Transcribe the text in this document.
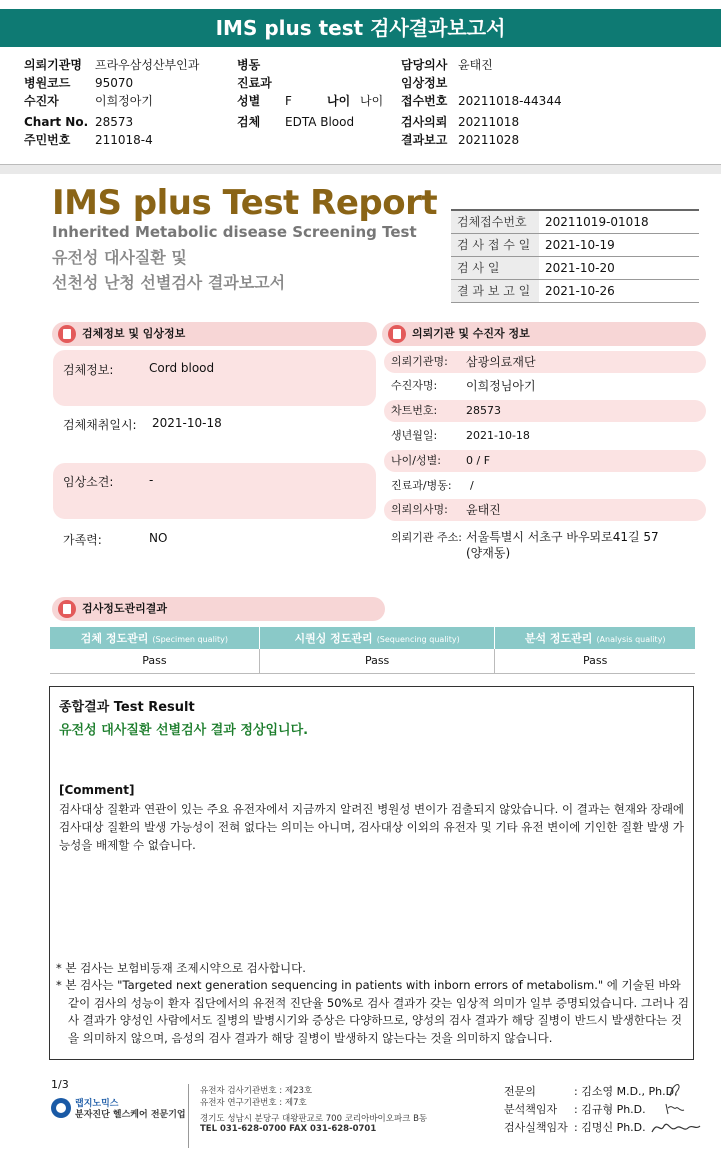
IMS plus test 검사결과보고서
의뢰기관명 프라우삼성산부인과	병동	담당의사 윤태진
병원코드 95070	진료과	임상정보
수진자	이희정아기	성별 F	나이 나이 접수번호 20211018-44344
Chart No. 28573	검체 EDTA Blood	검사의뢰 20211018
주민번호 211018-4	결과보고 20211028
IMS plus Test Report
Inherited Metabolic disease Screening Test
유전성 대사질환 및
선천성 난청 선별검사 결과보고서
검체접수번호	20211019-01018
검 사 접 수 일	2021-10-19
검 사 일	2021-10-20
결 과 보 고 일	2021-10-26
검체정보 및 임상정보
검체정보:	Cord blood
검체채취일시: 2021-10-18
임상소견:	-
가족력:	NO
의뢰기관 및 수진자 정보
의뢰기관명: 삼광의료재단
수진자명: 이희정님아기
차트번호:	28573
생년월일:	2021-10-18
나이/성별: 0 / F
진료과/병동: /
의뢰의사명: 윤태진
의뢰기관 주소: 서울특별시 서초구 바우뫼로41길 57
(양재동)
검사정도관리결과
검체 정도관리 (Specimen quality)	시퀀싱 정도관리 (Sequencing quality)	분석 정도관리 (Analysis quality)
Pass	Pass	Pass
종합결과 Test Result
유전성 대사질환 선별검사 결과 정상입니다.
[Comment]
검사대상 질환과 연관이 있는 주요 유전자에서 지금까지 알려진 병원성 변이가 검출되지 않았습니다. 이 결과는 현재와 장래에 검사대상 질환의 발생 가능성이 전혀 없다는 의미는 아니며, 검사대상 이외의 유전자 및 기타 유전 변이에 기인한 질환 발생 가능성을 배제할 수 없습니다.
* 본 검사는 보험비등재 조제시약으로 검사합니다.
* 본 검사는 "Targeted next generation sequencing in patients with inborn errors of metabolism." 에 기술된 바와 같이 검사의 성능이 환자 집단에서의 유전적 진단율 50%로 검사 결과가 갖는 임상적 의미가 일부 증명되었습니다. 그러나 검사 결과가 양성인 사람에서도 질병의 발병시기와 증상은 다양하므로, 양성의 검사 결과가 해당 질병이 반드시 발생한다는 것을 의미하지 않으며, 음성의 검사 결과가 해당 질병이 발생하지 않는다는 것을 의미하지 않습니다.
1/3
랩지노믹스
분자진단 헬스케어 전문기업
유전자 검사기관번호 : 제23호
유전자 연구기관번호 : 제7호
경기도 성남시 분당구 대왕판교로 700 코리아바이오파크 B동
TEL 031-628-0700 FAX 031-628-0701
전문의	: 김소영 M.D., Ph.D.
분석책임자 : 김규형 Ph.D.
검사실책임자 : 김명신 Ph.D.
